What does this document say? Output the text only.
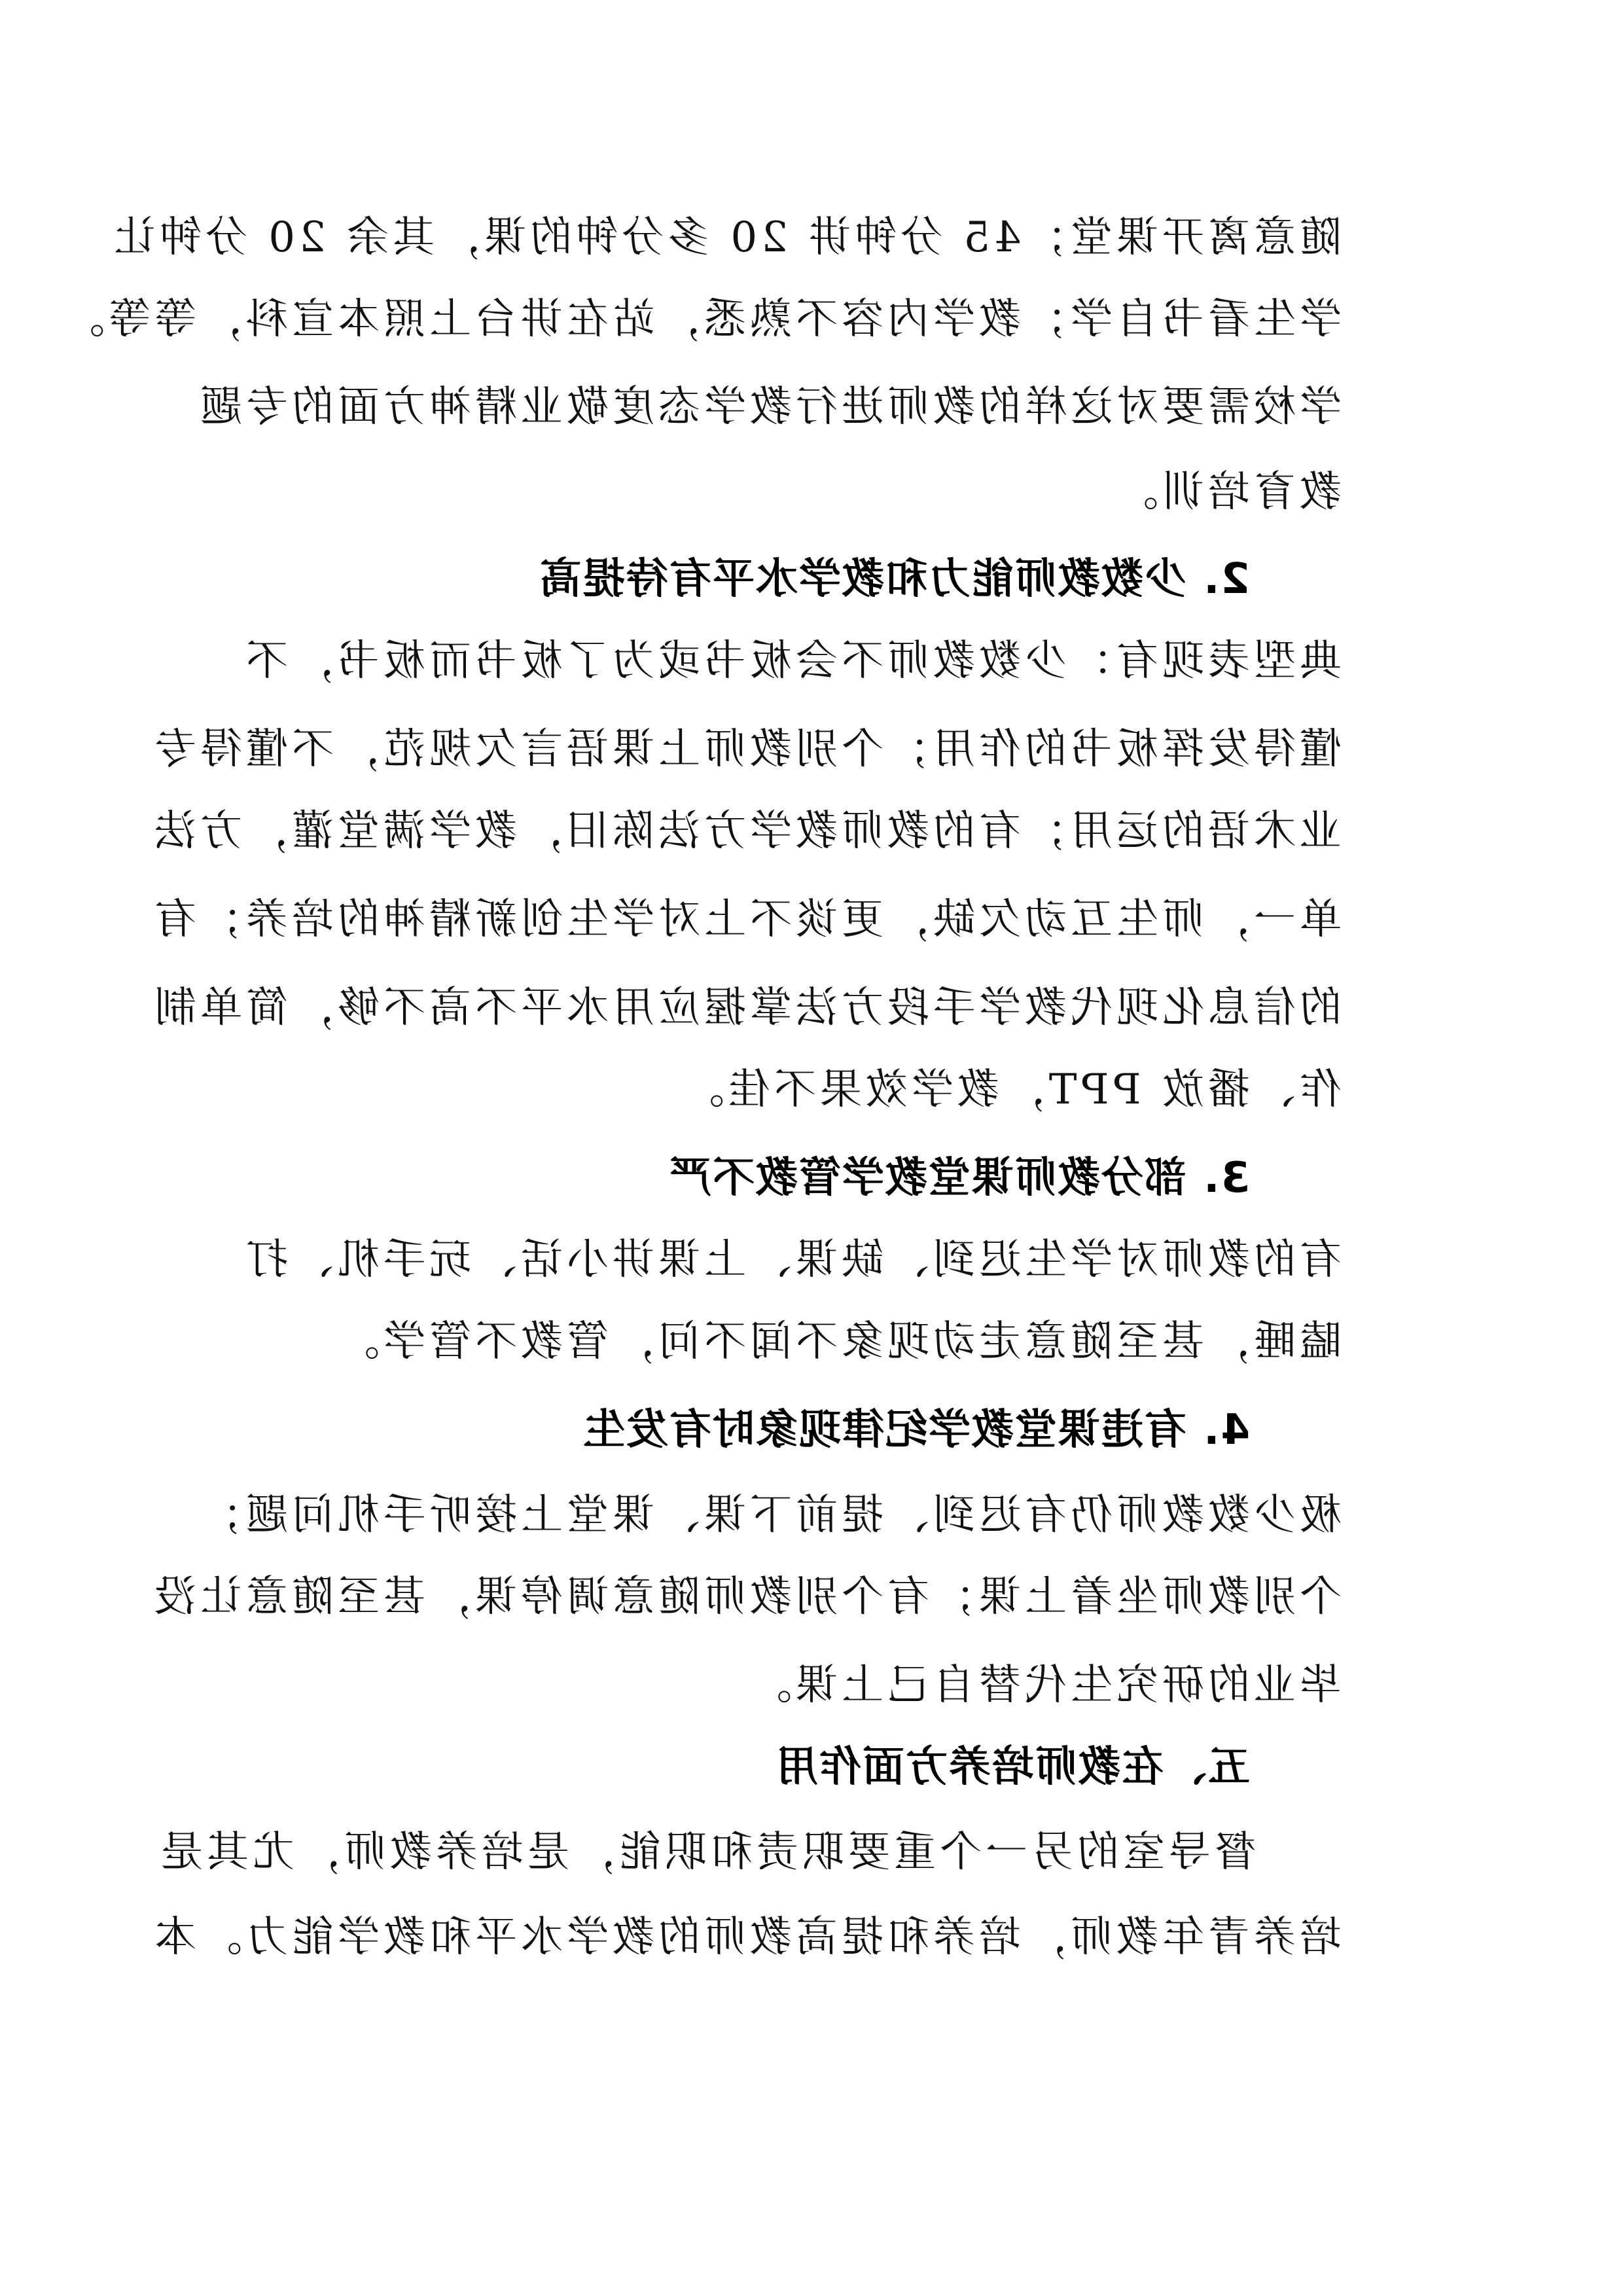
随意离开课堂；45 分钟讲 20 多分钟的课，其余 20 分钟让

学生看书自学；教学内容不熟悉，站在讲台上照本宣科，等等。

学校需要对这样的教师进行教学态度敬业精神方面的专题

教育培训。

2. 少数教师能力和教学水平有待提高

典型表现有：少数教师不会板书或为了板书而板书，不

懂得发挥板书的作用；个别教师上课语言欠规范，不懂得专

业术语的运用；有的教师教学方法陈旧，教学满堂灌，方法

单一，师生互动欠缺，更谈不上对学生创新精神的培养；有

的信息化现代教学手段方法掌握应用水平不高不够，简单制

作、播放 PPT，教学效果不佳。

3. 部分教师课堂教学管教不严

有的教师对学生迟到、缺课、上课讲小话、玩手机、打

瞌睡，甚至随意走动现象不闻不问，管教不管学。

4. 有违课堂教学纪律现象时有发生

极少数教师仍有迟到、提前下课、课堂上接听手机问题；

个别教师坐着上课；有个别教师随意调停课，甚至随意让没

毕业的研究生代替自己上课。

五、在教师培养方面作用

督导室的另一个重要职责和职能，是培养教师，尤其是

培养青年教师，培养和提高教师的教学水平和教学能力。本
